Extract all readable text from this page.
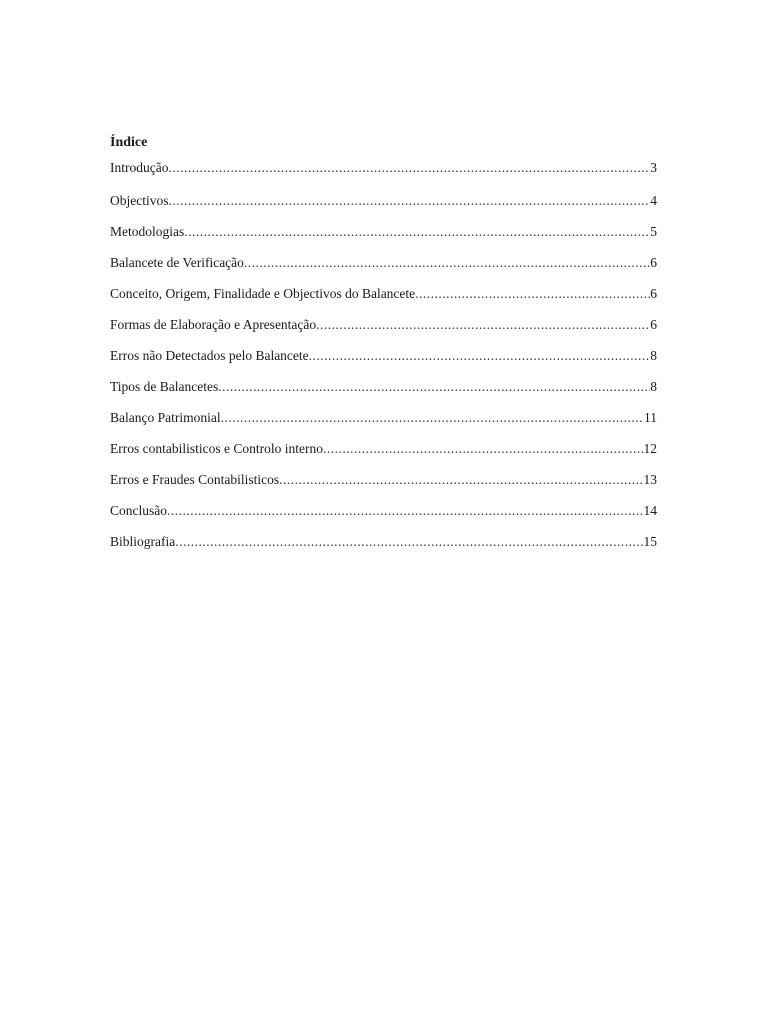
Índice
Introdução .....	3
Objectivos .....	4
Metodologias .....	5
Balancete de Verificação .....	6
Conceito, Origem, Finalidade e Objectivos do Balancete .....	6
Formas de Elaboração e Apresentação .....	6
Erros não Detectados pelo Balancete .....	8
Tipos de Balancetes .....	8
Balanço Patrimonial .....	11
Erros contabilisticos e Controlo interno .....	12
Erros e Fraudes Contabilisticos .....	13
Conclusão .....	14
Bibliografia .....	15
